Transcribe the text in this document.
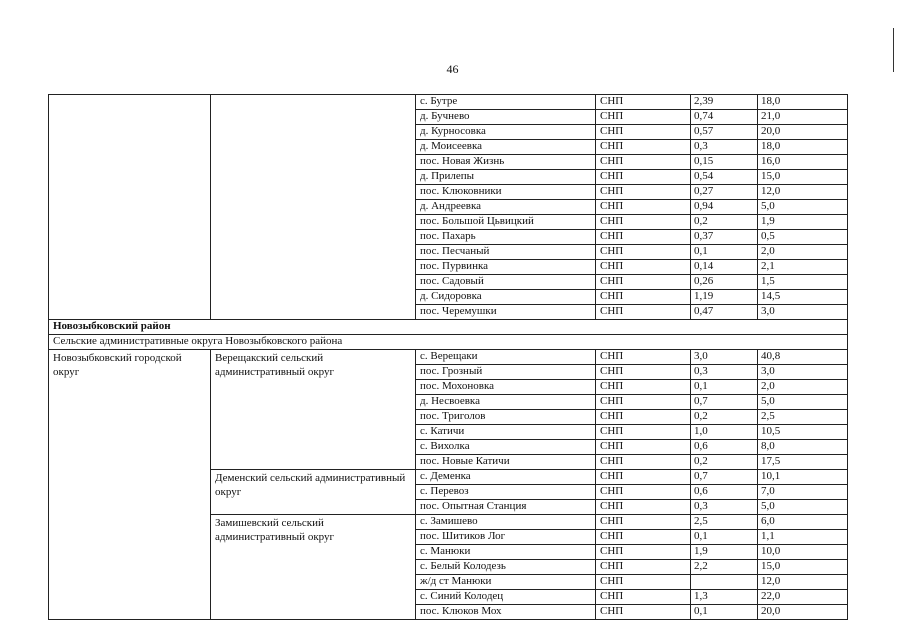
46
		с. Бутре	СНП	2,39	18,0
		д. Бучнево	СНП	0,74	21,0
		д. Курносовка	СНП	0,57	20,0
		д. Моисеевка	СНП	0,3	18,0
		пос. Новая Жизнь	СНП	0,15	16,0
		д. Прилепы	СНП	0,54	15,0
		пос. Клюковники	СНП	0,27	12,0
		д. Андреевка	СНП	0,94	5,0
		пос. Большой Цьвицкий	СНП	0,2	1,9
		пос. Пахарь	СНП	0,37	0,5
		пос. Песчаный	СНП	0,1	2,0
		пос. Пурвинка	СНП	0,14	2,1
		пос. Садовый	СНП	0,26	1,5
		д. Сидоровка	СНП	1,19	14,5
		пос. Черемушки	СНП	0,47	3,0
Новозыбковский район					
Сельские административные округа Новозыбковского района					
Новозыбковский городской округ	Верещакский сельский административный округ	с. Верещаки	СНП	3,0	40,8
		пос. Грозный	СНП	0,3	3,0
		пос. Мохоновка	СНП	0,1	2,0
		д. Несвоевка	СНП	0,7	5,0
		пос. Триголов	СНП	0,2	2,5
		с. Катичи	СНП	1,0	10,5
		с. Вихолка	СНП	0,6	8,0
		пос. Новые Катичи	СНП	0,2	17,5
	Деменский сельский административный округ	с. Деменка	СНП	0,7	10,1
		с. Перевоз	СНП	0,6	7,0
		пос. Опытная Станция	СНП	0,3	5,0
	Замишевский сельский административный округ	с. Замишево	СНП	2,5	6,0
		пос. Шитиков Лог	СНП	0,1	1,1
		с. Манюки	СНП	1,9	10,0
		с. Белый Колодезь	СНП	2,2	15,0
		ж/д ст Манюки	СНП		12,0
		с. Синий Колодец	СНП	1,3	22,0
		пос. Клюков Мох	СНП	0,1	20,0
